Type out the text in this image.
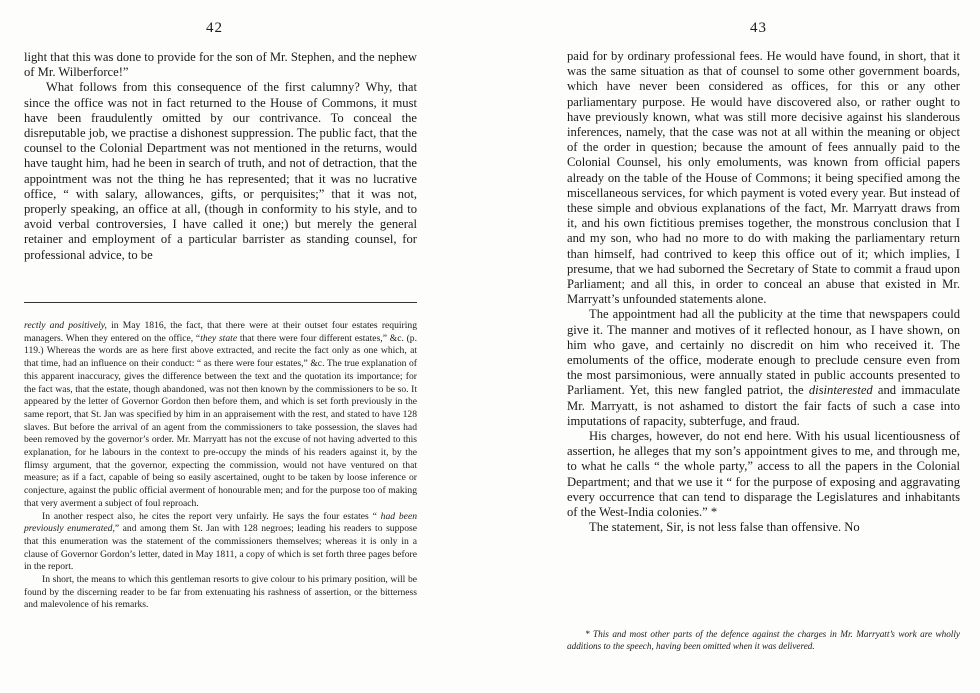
42

light that this was done to provide for the son of Mr. Stephen, and the nephew of Mr. Wilberforce!”

What follows from this consequence of the first calumny? Why, that since the office was not in fact returned to the House of Commons, it must have been fraudulently omitted by our contrivance. To conceal the disreputable job, we practise a dishonest suppression. The public fact, that the counsel to the Colonial Department was not mentioned in the returns, would have taught him, had he been in search of truth, and not of detraction, that the appointment was not the thing he has represented; that it was no lucrative office, “ with salary, allowances, gifts, or perquisites;” that it was not, properly speaking, an office at all, (though in conformity to his style, and to avoid verbal controversies, I have called it one;) but merely the general retainer and employment of a particular barrister as standing counsel, for professional advice, to be

rectly and positively, in May 1816, the fact, that there were at their outset four estates requiring managers. When they entered on the office, “they state that there were four different estates,” &c. (p. 119.) Whereas the words are as here first above extracted, and recite the fact only as one which, at that time, had an influence on their conduct: “ as there were four estates,” &c. The true explanation of this apparent inaccuracy, gives the difference between the text and the quotation its importance; for the fact was, that the estate, though abandoned, was not then known by the commissioners to be so. It appeared by the letter of Governor Gordon then before them, and which is set forth previously in the same report, that St. Jan was specified by him in an appraisement with the rest, and stated to have 128 slaves. But before the arrival of an agent from the commissioners to take possession, the slaves had been removed by the governor’s order. Mr. Marryatt has not the excuse of not having adverted to this explanation, for he labours in the context to pre-occupy the minds of his readers against it, by the flimsy argument, that the governor, expecting the commission, would not have ventured on that measure; as if a fact, capable of being so easily ascertained, ought to be taken by loose inference or conjecture, against the public official averment of honourable men; and for the purpose too of making that very averment a subject of foul reproach.

In another respect also, he cites the report very unfairly. He says the four estates “ had been previously enumerated,” and among them St. Jan with 128 negroes; leading his readers to suppose that this enumeration was the statement of the commissioners themselves; whereas it is only in a clause of Governor Gordon’s letter, dated in May 1811, a copy of which is set forth three pages before in the report.

In short, the means to which this gentleman resorts to give colour to his primary position, will be found by the discerning reader to be far from extenuating his rashness of assertion, or the bitterness and malevolence of his remarks.

43

paid for by ordinary professional fees. He would have found, in short, that it was the same situation as that of counsel to some other government boards, which have never been considered as offices, for this or any other parliamentary purpose. He would have discovered also, or rather ought to have previously known, what was still more decisive against his slanderous inferences, namely, that the case was not at all within the meaning or object of the order in question; because the amount of fees annually paid to the Colonial Counsel, his only emoluments, was known from official papers already on the table of the House of Commons; it being specified among the miscellaneous services, for which payment is voted every year. But instead of these simple and obvious explanations of the fact, Mr. Marryatt draws from it, and his own fictitious premises together, the monstrous conclusion that I and my son, who had no more to do with making the parliamentary return than himself, had contrived to keep this office out of it; which implies, I presume, that we had suborned the Secretary of State to commit a fraud upon Parliament; and all this, in order to conceal an abuse that existed in Mr. Marryatt’s unfounded statements alone.

The appointment had all the publicity at the time that newspapers could give it. The manner and motives of it reflected honour, as I have shown, on him who gave, and certainly no discredit on him who received it. The emoluments of the office, moderate enough to preclude censure even from the most parsimonious, were annually stated in public accounts presented to Parliament. Yet, this new fangled patriot, the disinterested and immaculate Mr. Marryatt, is not ashamed to distort the fair facts of such a case into imputations of rapacity, subterfuge, and fraud.

His charges, however, do not end here. With his usual licentiousness of assertion, he alleges that my son’s appointment gives to me, and through me, to what he calls “ the whole party,” access to all the papers in the Colonial Department; and that we use it “ for the purpose of exposing and aggravating every occurrence that can tend to disparage the Legislatures and inhabitants of the West-India colonies.” *

The statement, Sir, is not less false than offensive. No

* This and most other parts of the defence against the charges in Mr. Marryatt’s work are wholly additions to the speech, having been omitted when it was delivered.
